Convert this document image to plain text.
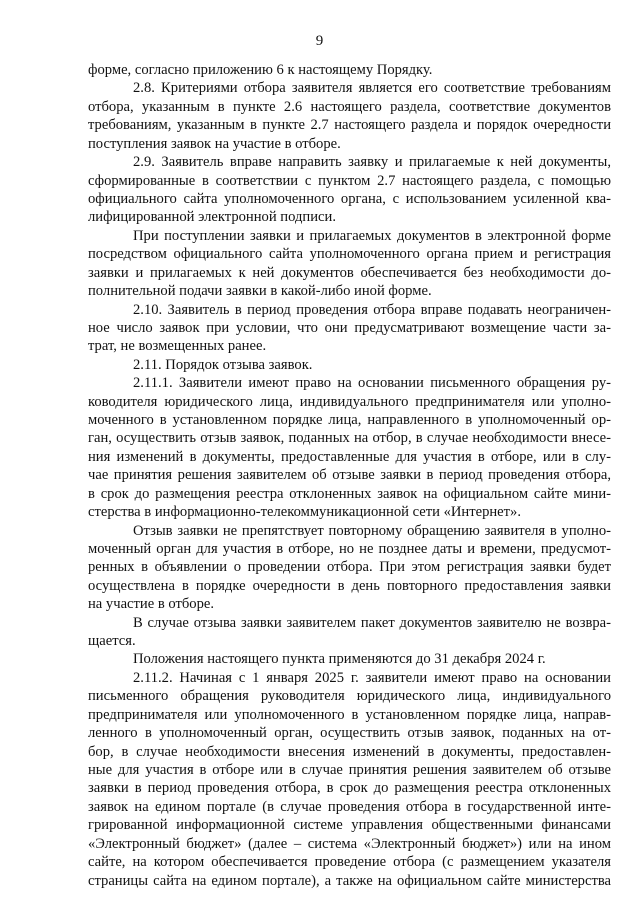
9
форме, согласно приложению 6 к настоящему Порядку.
2.8. Критериями отбора заявителя является его соответствие требованиям
отбора, указанным в пункте 2.6 настоящего раздела, соответствие документов
требованиям, указанным в пункте 2.7 настоящего раздела и порядок очередности
поступления заявок на участие в отборе.
2.9. Заявитель вправе направить заявку и прилагаемые к ней документы,
сформированные в соответствии с пунктом 2.7 настоящего раздела, с помощью
официального сайта уполномоченного органа, с использованием усиленной ква-
лифицированной электронной подписи.
При поступлении заявки и прилагаемых документов в электронной форме
посредством официального сайта уполномоченного органа прием и регистрация
заявки и прилагаемых к ней документов обеспечивается без необходимости до-
полнительной подачи заявки в какой-либо иной форме.
2.10. Заявитель в период проведения отбора вправе подавать неограничен-
ное число заявок при условии, что они предусматривают возмещение части за-
трат, не возмещенных ранее.
2.11. Порядок отзыва заявок.
2.11.1. Заявители имеют право на основании письменного обращения ру-
ководителя юридического лица, индивидуального предпринимателя или уполно-
моченного в установленном порядке лица, направленного в уполномоченный ор-
ган, осуществить отзыв заявок, поданных на отбор, в случае необходимости внесе-
ния изменений в документы, предоставленные для участия в отборе, или в слу-
чае принятия решения заявителем об отзыве заявки в период проведения отбора,
в срок до размещения реестра отклоненных заявок на официальном сайте мини-
стерства в информационно-телекоммуникационной сети «Интернет».
Отзыв заявки не препятствует повторному обращению заявителя в уполно-
моченный орган для участия в отборе, но не позднее даты и времени, предусмот-
ренных в объявлении о проведении отбора. При этом регистрация заявки будет
осуществлена в порядке очередности в день повторного предоставления заявки
на участие в отборе.
В случае отзыва заявки заявителем пакет документов заявителю не возвра-
щается.
Положения настоящего пункта применяются до 31 декабря 2024 г.
2.11.2. Начиная с 1 января 2025 г. заявители имеют право на основании
письменного обращения руководителя юридического лица, индивидуального
предпринимателя или уполномоченного в установленном порядке лица, направ-
ленного в уполномоченный орган, осуществить отзыв заявок, поданных на от-
бор, в случае необходимости внесения изменений в документы, предоставлен-
ные для участия в отборе или в случае принятия решения заявителем об отзыве
заявки в период проведения отбора, в срок до размещения реестра отклоненных
заявок на едином портале (в случае проведения отбора в государственной инте-
грированной информационной системе управления общественными финансами
«Электронный бюджет» (далее – система «Электронный бюджет») или на ином
сайте, на котором обеспечивается проведение отбора (с размещением указателя
страницы сайта на едином портале), а также на официальном сайте министерства
